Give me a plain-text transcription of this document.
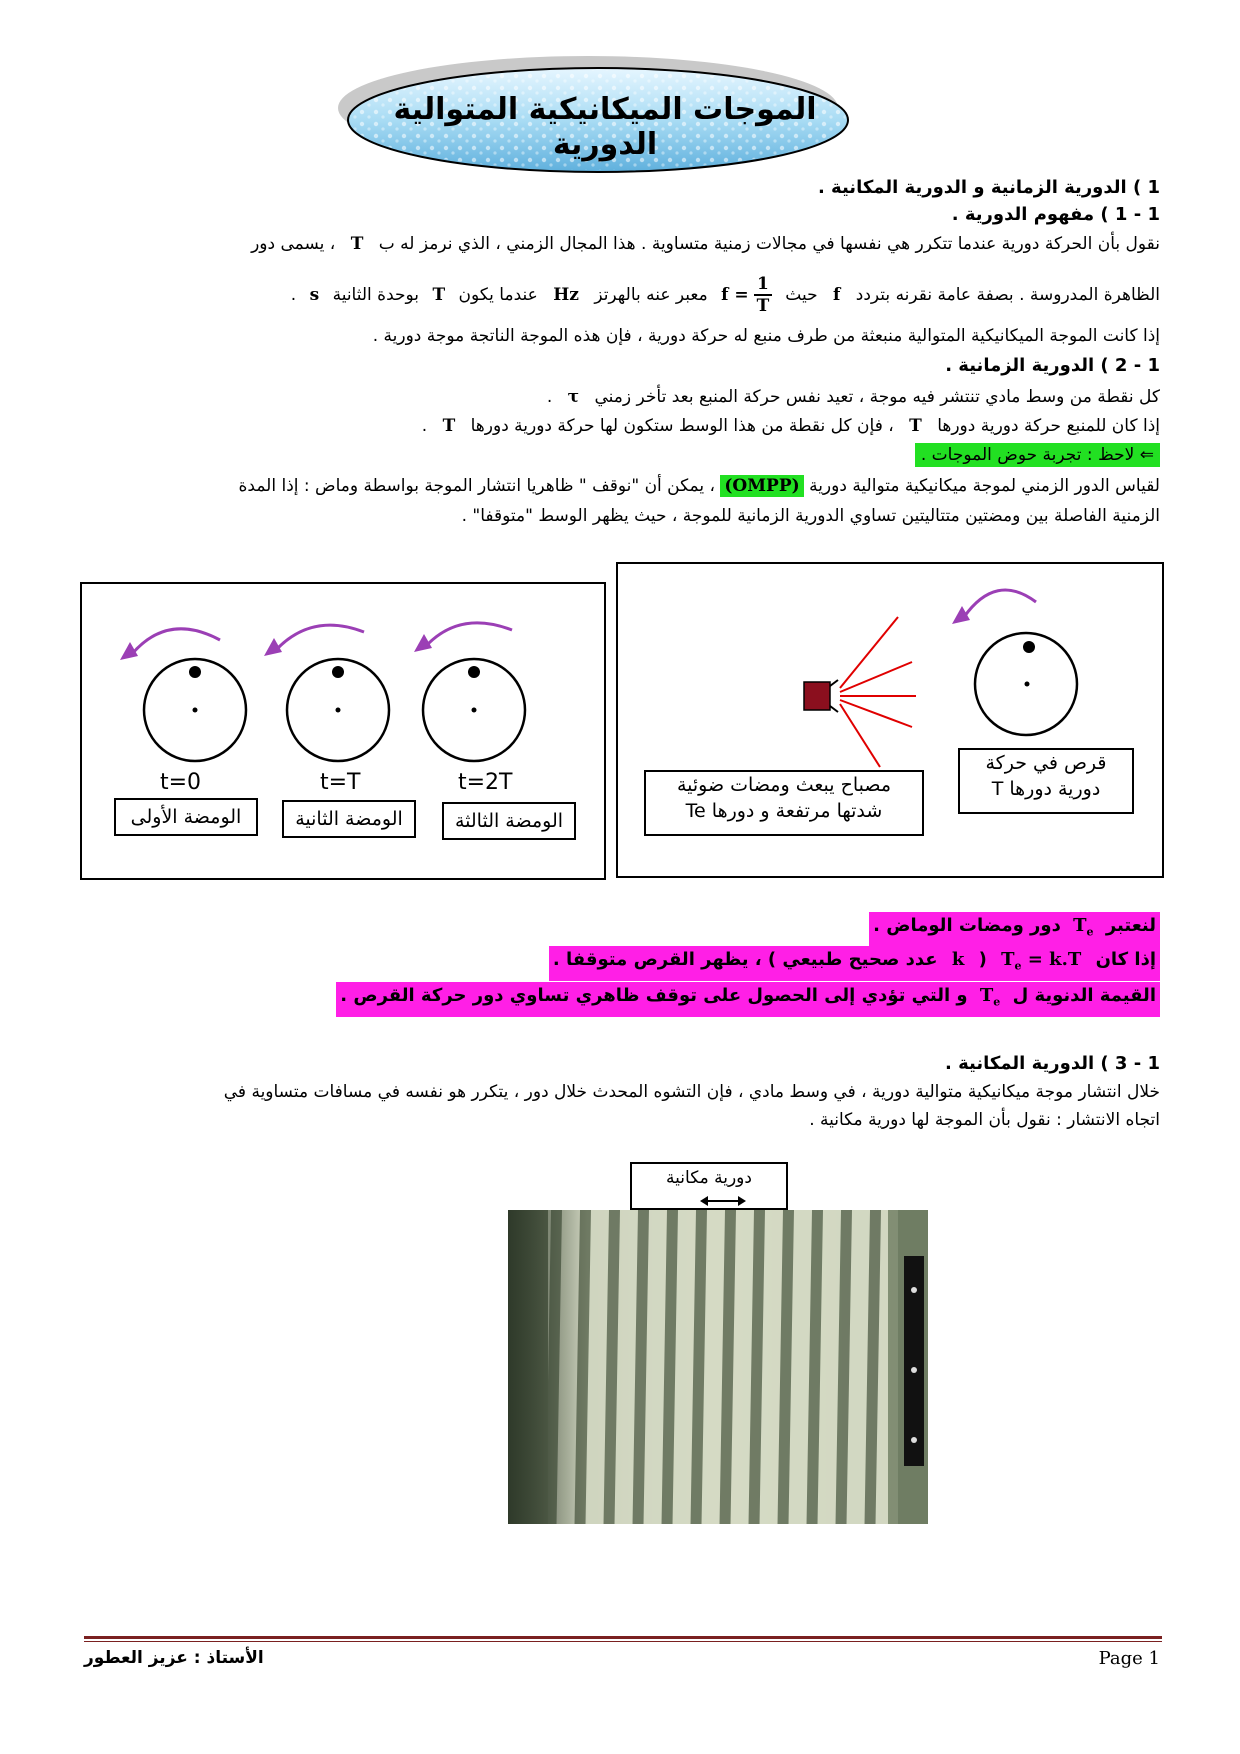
الموجات الميكانيكية المتوالية الدورية
1 ) الدورية الزمانية و الدورية المكانية .
1 - 1 ) مفهوم الدورية .
نقول بأن الحركة دورية عندما تتكرر هي نفسها في مجالات زمنية متساوية . هذا المجال الزمني ، الذي نرمز له ب T ، يسمى دور
الظاهرة المدروسة . بصفة عامة نقرنه بتردد f حيث $f = \frac{1}{T}$
معبر عنه بالهرتز Hz عندما يكون T بوحدة الثانية s .
إذا كانت الموجة الميكانيكية المتوالية منبعثة من طرف منبع له حركة دورية ، فإن هذه الموجة الناتجة موجة دورية .
1 - 2 ) الدورية الزمانية .
كل نقطة من وسط مادي تنتشر فيه موجة ، تعيد نفس حركة المنبع بعد تأخر زمني τ .
إذا كان للمنبع حركة دورية دورها T ، فإن كل نقطة من هذا الوسط ستكون لها حركة دورية دورها T .
⇐ لاحظ : تجربة حوض الموجات .
لقياس الدور الزمني لموجة ميكانيكية متوالية دورية (OMPP) ، يمكن أن "نوقف " ظاهريا انتشار الموجة بواسطة وماض : إذا المدة
الزمنية الفاصلة بين ومضتين متتاليتين تساوي الدورية الزمانية للموجة ، حيث يظهر الوسط "متوقفا" .
قرص في حركة
دورية دورها T
مصباح يبعث ومضات ضوئية
شدتها مرتفعة و دورها Te
t=0	t=T	t=2T
الومضة الأولى	الومضة الثانية	الومضة الثالثة
لنعتبر $T_e$ دور ومضات الوماض .
إذا كان $T_e = k.T$ ( k عدد صحيح طبيعي ) ، يظهر القرص متوقفا .
القيمة الدنوية ل $T_e$ و التي تؤدي إلى الحصول على توقف ظاهري تساوي دور حركة القرص .
1 - 3 ) الدورية المكانية .
خلال انتشار موجة ميكانيكية متوالية دورية ، في وسط مادي ، فإن التشوه المحدث خلال دور ، يتكرر هو نفسه في مسافات متساوية في
اتجاه الانتشار : نقول بأن الموجة لها دورية مكانية .
دورية مكانية
الأستاذ : عزيز العطور	Page 1
